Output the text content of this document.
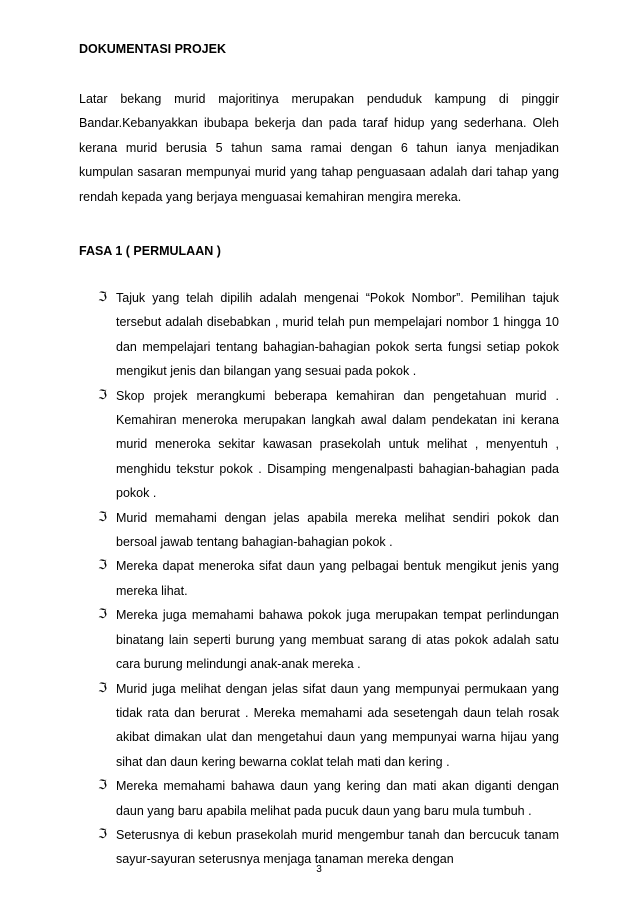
DOKUMENTASI PROJEK

Latar bekang murid majoritinya merupakan penduduk kampung di pinggir Bandar.Kebanyakkan ibubapa bekerja dan pada taraf hidup yang sederhana. Oleh kerana murid berusia 5 tahun sama ramai dengan 6 tahun ianya menjadikan kumpulan sasaran mempunyai murid yang tahap penguasaan adalah dari tahap yang rendah kepada yang berjaya menguasai kemahiran mengira mereka.

FASA 1 ( PERMULAAN )
ℑ Tajuk yang telah dipilih adalah mengenai “Pokok Nombor”. Pemilihan tajuk tersebut adalah disebabkan , murid telah pun mempelajari nombor 1 hingga 10 dan mempelajari tentang bahagian-bahagian pokok serta fungsi setiap pokok mengikut jenis dan bilangan yang sesuai pada pokok .
ℑ Skop projek merangkumi beberapa kemahiran dan pengetahuan murid . Kemahiran meneroka merupakan langkah awal dalam pendekatan ini kerana murid meneroka sekitar kawasan prasekolah untuk melihat , menyentuh , menghidu tekstur pokok . Disamping mengenalpasti bahagian-bahagian pada pokok .
ℑ Murid memahami dengan jelas apabila mereka melihat sendiri pokok dan bersoal jawab tentang bahagian-bahagian pokok .
ℑ Mereka dapat meneroka sifat daun yang pelbagai bentuk mengikut jenis yang mereka lihat.
ℑ Mereka juga memahami bahawa pokok juga merupakan tempat perlindungan binatang lain seperti burung yang membuat sarang di atas pokok adalah satu cara burung melindungi anak-anak mereka .
ℑ Murid juga melihat dengan jelas sifat daun yang mempunyai permukaan yang tidak rata dan berurat . Mereka memahami ada sesetengah daun telah rosak akibat dimakan ulat dan mengetahui daun yang mempunyai warna hijau yang sihat dan daun kering bewarna coklat telah mati dan kering .
ℑ Mereka memahami bahawa daun yang kering dan mati akan diganti dengan daun yang baru apabila melihat pada pucuk daun yang baru mula tumbuh .
ℑ Seterusnya di kebun prasekolah murid mengembur tanah dan bercucuk tanam sayur-sayuran seterusnya menjaga tanaman mereka dengan
3
